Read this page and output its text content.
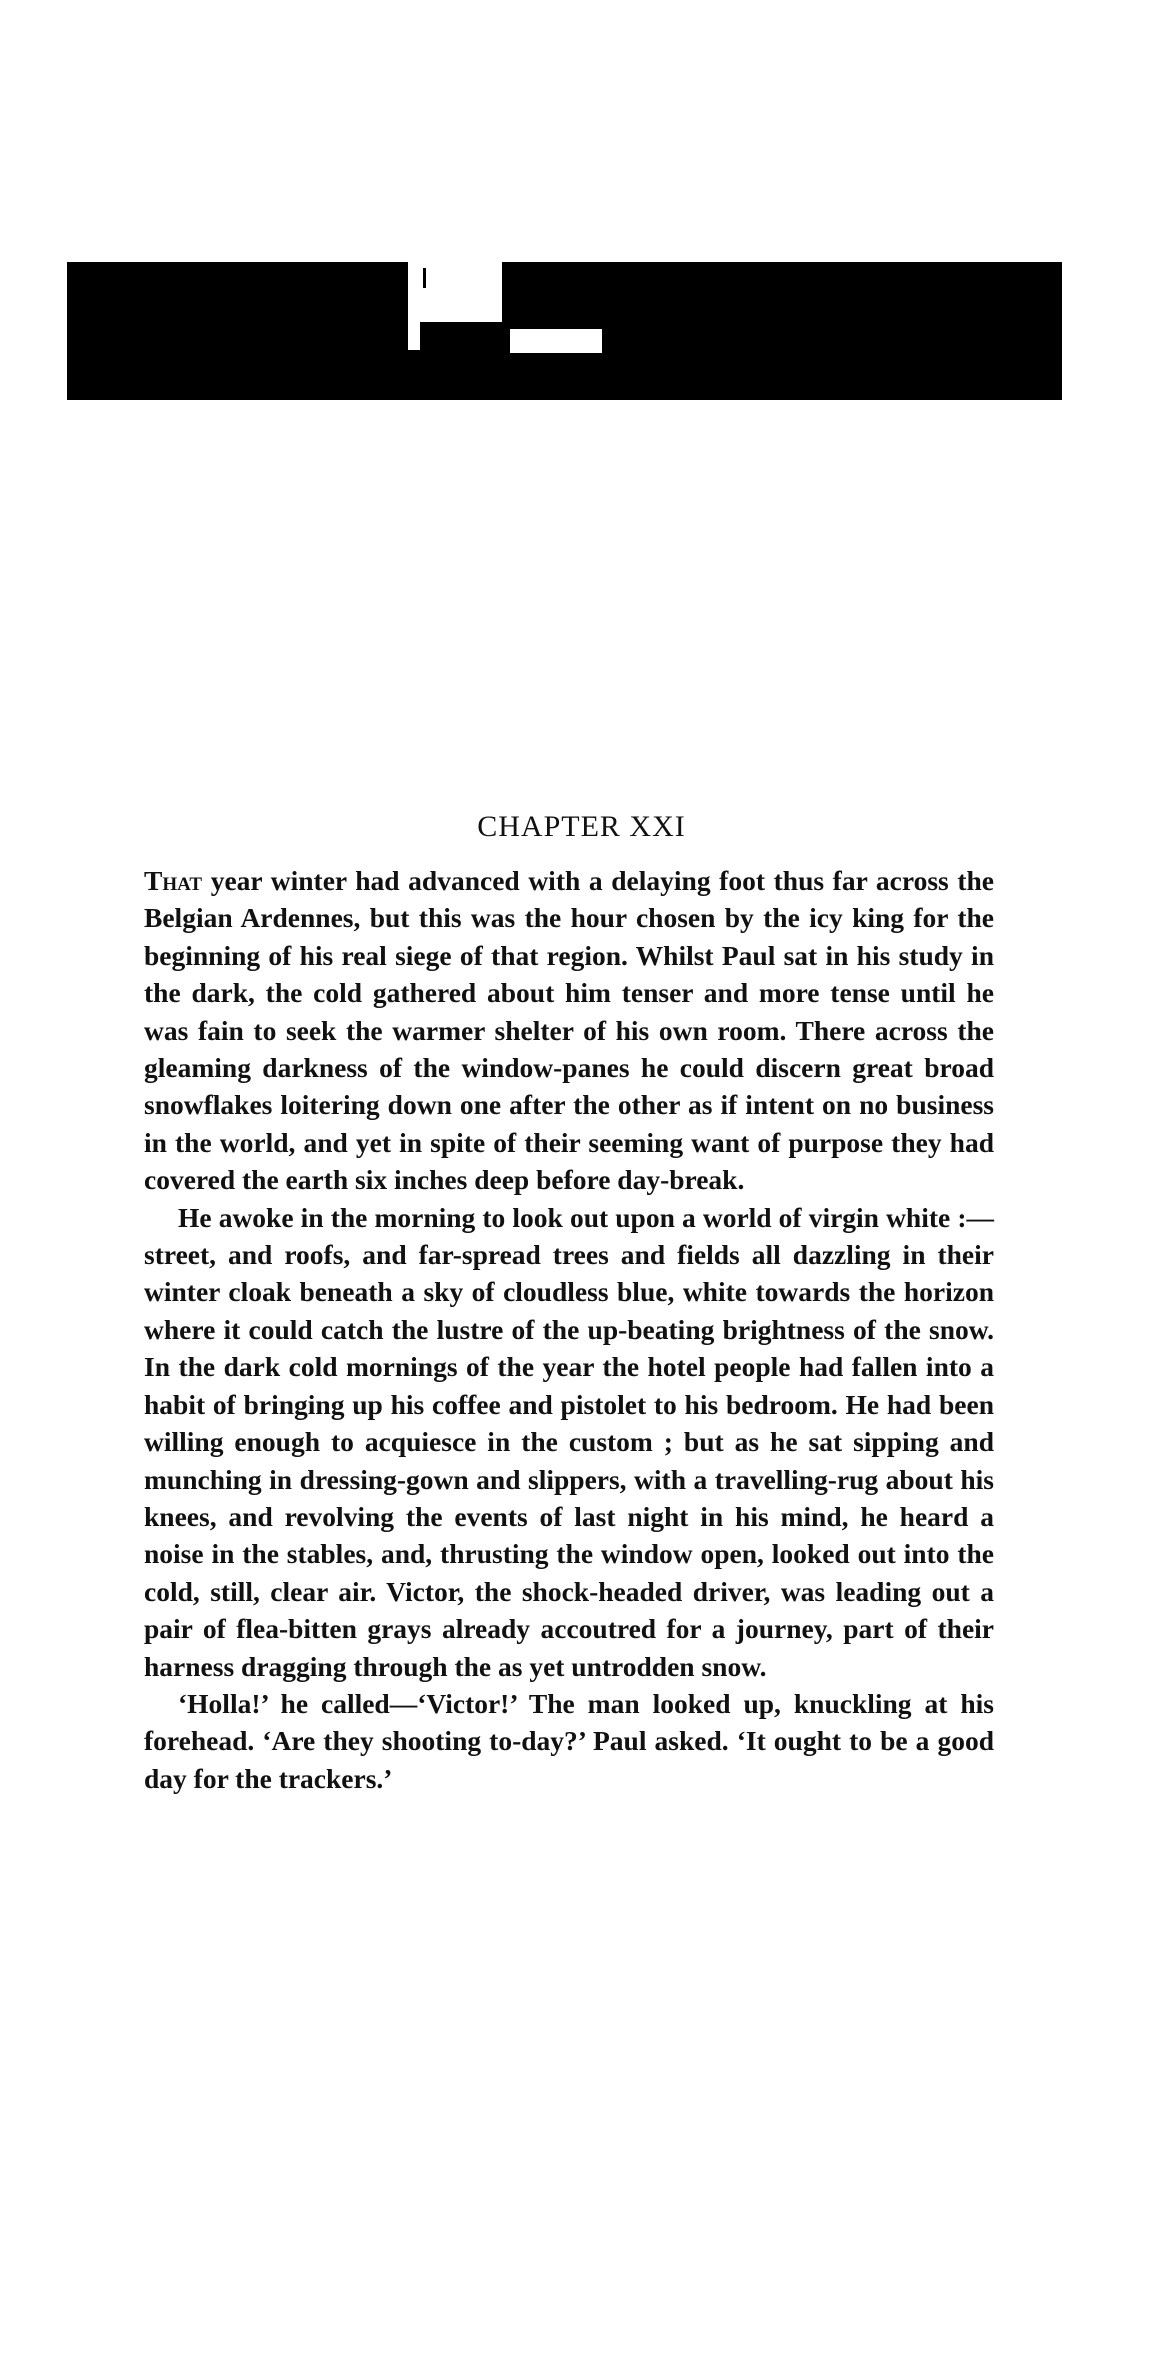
CHAPTER XXI

That year winter had advanced with a delaying foot thus far across the Belgian Ardennes, but this was the hour chosen by the icy king for the beginning of his real siege of that region. Whilst Paul sat in his study in the dark, the cold gathered about him tenser and more tense until he was fain to seek the warmer shelter of his own room. There across the gleaming darkness of the window-panes he could discern great broad snowflakes loitering down one after the other as if intent on no business in the world, and yet in spite of their seeming want of purpose they had covered the earth six inches deep before day-break.

He awoke in the morning to look out upon a world of virgin white :—street, and roofs, and far-spread trees and fields all dazzling in their winter cloak beneath a sky of cloudless blue, white towards the horizon where it could catch the lustre of the up-beating brightness of the snow. In the dark cold mornings of the year the hotel people had fallen into a habit of bringing up his coffee and pistolet to his bedroom. He had been willing enough to acquiesce in the custom ; but as he sat sipping and munching in dressing-gown and slippers, with a travelling-rug about his knees, and revolving the events of last night in his mind, he heard a noise in the stables, and, thrusting the window open, looked out into the cold, still, clear air. Victor, the shock-headed driver, was leading out a pair of flea-bitten grays already accoutred for a journey, part of their harness dragging through the as yet untrodden snow.

‘Holla!’ he called—‘Victor!’ The man looked up, knuckling at his forehead. ‘Are they shooting to-day?’ Paul asked. ‘It ought to be a good day for the trackers.’
